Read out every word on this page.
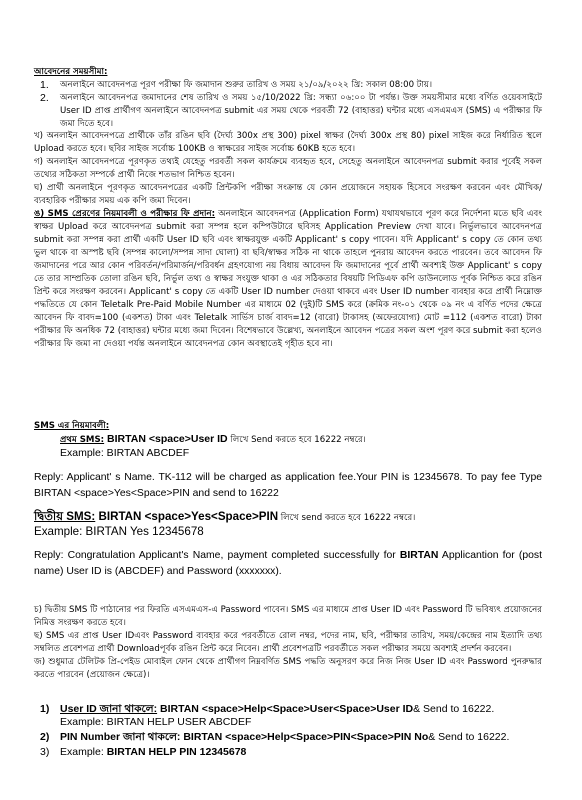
আবেদনের সময়সীমা:

1.	অনলাইনে আবেদনপত্র পূরণ পরীক্ষা ফি জমাদান শুরুর তারিখ ও সময় ২১/০৯/২০২২ খ্রি: সকাল 08:00 টায়।

2.	অনলাইনে আবেদনপত্র জমাদানের শেষ তারিখ ও সময় ১৫/10/2022 খ্রি: সন্ধ্যা ০৬:০০ টা পর্যন্ত। উক্ত সময়সীমার মধ্যে বর্ণিত ওয়েবসাইটে User ID প্রাপ্ত প্রার্থীগণ অনলাইনে আবেদনপত্র submit এর সময় থেকে পরবর্তী 72 (বাহাত্তর) ঘন্টার মধ্যে এসএমএস (SMS) এ পরীক্ষার ফি জমা দিতে হবে।

খ) অনলাইন আবেদনপত্রে প্রার্থীকে তাঁর রঙিন ছবি (দৈর্ঘ্য 300x প্রস্থ 300) pixel স্বাক্ষর (দৈর্ঘ্য 300x প্রস্থ 80) pixel সাইজ করে নির্ধারিত স্থলে Upload করতে হবে। ছবির সাইজ সর্বোচ্চ 100KB ও স্বাক্ষরের সাইজ সর্বোচ্চ 60KB হতে হবে।

গ) অনলাইন আবেদনপত্রে পূরণকৃত তথ্যই যেহেতু পরবর্তী সকল কার্যক্রমে ব্যবহৃত হবে, সেহেতু অনলাইনে আবেদনপত্র submit করার পূর্বেই সকল তথ্যের সঠিকতা সম্পর্কে প্রার্থী নিজে শতভাগ নিশ্চিত হবেন।

ঘ) প্রার্থী অনলাইনে পূরণকৃত আবেদনপত্রের একটি প্রিন্টকপি পরীক্ষা সংক্রান্ত যে কোন প্রয়োজনে সহায়ক হিসেবে সংরক্ষণ করবেন এবং মৌখিক/ব্যবহারিক পরীক্ষার সময় এক কপি জমা দিবেন।

ঙ) SMS প্রেরণের নিয়মাবলী ও পরীক্ষার ফি প্রদান: অনলাইনে আবেদনপত্র (Application Form) যথাযথভাবে পূরণ করে নির্দেশনা মতে ছবি এবং স্বাক্ষর Upload করে আবেদনপত্র submit করা সম্পন্ন হলে কম্পিউটারে ছবিসহ Application Preview দেখা যাবে। নির্ভুলভাবে আবেদনপত্র submit করা সম্পন্ন করা প্রার্থী একটি User ID ছবি এবং স্বাক্ষরযুক্ত একটি Applicant' s copy পাবেন। যদি Applicant' s copy তে কোন তথ্য ভুল থাকে বা অস্পষ্ট ছবি (সম্পন্ন কালো/সম্পন্ন সাদা ঘোলা) বা ছবি/স্বাক্ষর সঠিক না থাকে তাহলে পুনরায় আবেদন করতে পারবেন। তবে আবেদন ফি জমাদানের পরে আর কোন পরিবর্তন/পরিমার্জন/পরিবর্ধন গ্রহণযোগ্য নয় বিধায় আবেদন ফি জমাদানের পূর্বে প্রার্থী অবশ্যই উক্ত Applicant' s copy তে তার সাম্প্রতিক তোলা রঙিন ছবি, নির্ভুল তথ্য ও স্বাক্ষর সংযুক্ত থাকা ও এর সঠিকতার বিষয়টি পিডিএফ কপি ডাউনলোড পূর্বক নিশ্চিত করে রঙিন প্রিন্ট করে সংরক্ষণ করবেন। Applicant' s copy তে একটি User ID number দেওয়া থাকবে এবং User ID number ব্যবহার করে প্রার্থী নিম্নোক্ত পদ্ধতিতে যে কোন Teletalk Pre-Paid Mobile Number এর মাধ্যমে 02 (দুই)টি SMS করে (ক্রমিক নং-০১ থেকে ০৯ নং এ বর্ণিত পদের ক্ষেত্রে আবেদন ফি বাবদ=100 (একশত) টাকা এবং Teletalk সার্ভিস চার্জ বাবদ=12 (বারো) টাকাসহ (অফেরযোগ্য) মোট =112 (একশত বারো) টাকা পরীক্ষার ফি অনধিক 72 (বাহাত্তর) ঘন্টার মধ্যে জমা দিবেন। বিশেষভাবে উল্লেখ্য, অনলাইনে আবেদন পত্রের সকল অংশ পূরণ করে submit করা হলেও পরীক্ষার ফি জমা না দেওয়া পর্যন্ত অনলাইনে আবেদনপত্র কোন অবস্থাতেই গৃহীত হবে না।

SMS এর নিয়মাবলী:

প্রথম SMS: BIRTAN <space>User ID লিখে Send করতে হবে 16222 নম্বরে।

Example: BIRTAN ABCDEF

Reply: Applicant' s Name. TK-112 will be charged as application fee.Your PIN is 12345678. To pay fee Type BIRTAN <space>Yes<Space>PIN and send to 16222

দ্বিতীয় SMS: BIRTAN <space>Yes<Space>PIN লিখে send করতে হবে 16222 নম্বরে।

Example: BIRTAN Yes 12345678

Reply: Congratulation Applicant's Name, payment completed successfully for BIRTAN Applicantion for (post name) User ID is (ABCDEF) and Password (xxxxxxx).

চ) দ্বিতীয় SMS টি পাঠানোর পর ফিরতি এসএমএস-এ Password পাবেন। SMS এর মাধ্যমে প্রাপ্ত User ID এবং Password টি ভবিষ্যৎ প্রয়োজনের নিমিত্ত সংরক্ষণ করতে হবে।

ছ) SMS এর প্রাপ্ত User IDএবং Password ব্যবহার করে পরবর্তীতে রোল নম্বর, পদের নাম, ছবি, পরীক্ষার তারিখ, সময়/কেন্দ্রের নাম ইত্যাদি তথ্য সম্বলিত প্রবেশপত্র প্রার্থী Downloadপূর্বক রঙিন প্রিন্ট করে নিবেন। প্রার্থী প্রবেশপত্রটি পরবর্তীতে সকল পরীক্ষার সময়ে অবশ্যই প্রদর্শন করবেন।

জ) শুধুমাত্র টেলিটক প্রি-পেইড মোবাইল ফোন থেকে প্রার্থীগণ নিম্নবর্ণিত SMS পদ্ধতি অনুসরণ করে নিজ নিজ User ID এবং Password পুনরুদ্ধার করতে পারবেন (প্রয়োজন ক্ষেত্রে)।

1)	User ID জানা থাকলে: BIRTAN <space>Help<Space>User<Space>User ID& Send to 16222.

Example: BIRTAN HELP USER ABCDEF

2)	PIN Number জানা থাকলে: BIRTAN <space>Help<Space>PIN<Space>PIN No& Send to 16222.

3)	Example: BIRTAN HELP PIN 12345678
